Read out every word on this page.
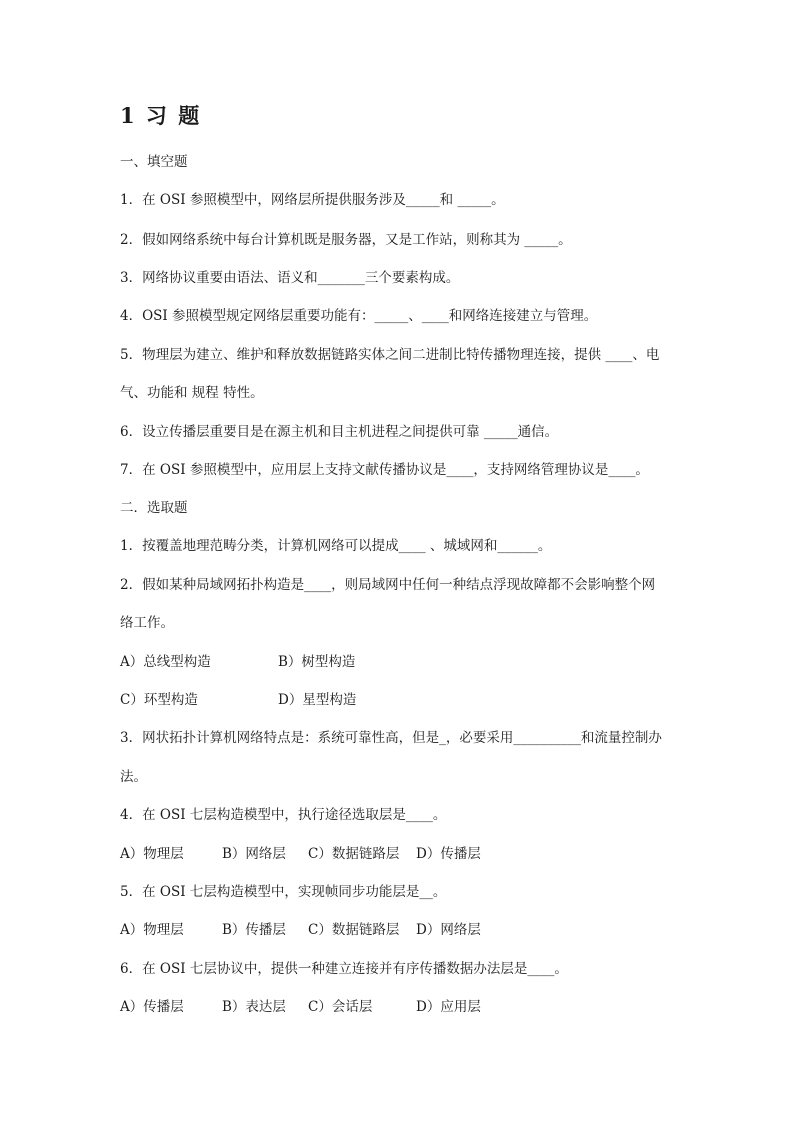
1 习 题

一、填空题

1．在 OSI 参照模型中，网络层所提供服务涉及_____和 _____。

2．假如网络系统中每台计算机既是服务器，又是工作站，则称其为 _____。

3．网络协议重要由语法、语义和_______三个要素构成。

4．OSI 参照模型规定网络层重要功能有：_____、____和网络连接建立与管理。

5．物理层为建立、维护和释放数据链路实体之间二进制比特传播物理连接，提供 ____、电

气、功能和 规程 特性。

6．设立传播层重要目是在源主机和目主机进程之间提供可靠 _____通信。

7．在 OSI 参照模型中，应用层上支持文献传播协议是____，支持网络管理协议是____。

二．选取题

1．按覆盖地理范畴分类，计算机网络可以提成____ 、城域网和______。

2．假如某种局域网拓扑构造是____，则局域网中任何一种结点浮现故障都不会影响整个网

络工作。

A）总线型构造	B）树型构造
C）环型构造	D）星型构造

3．网状拓扑计算机网络特点是：系统可靠性高，但是_，必要采用__________和流量控制办

法。

4．在 OSI 七层构造模型中，执行途径选取层是____。

A）物理层	B）网络层 C）数据链路层 D）传播层

5．在 OSI 七层构造模型中，实现帧同步功能层是__。

A）物理层	B）传播层 C）数据链路层 D）网络层

6．在 OSI 七层协议中，提供一种建立连接并有序传播数据办法层是____。

A）传播层	B）表达层 C）会话层	D）应用层
